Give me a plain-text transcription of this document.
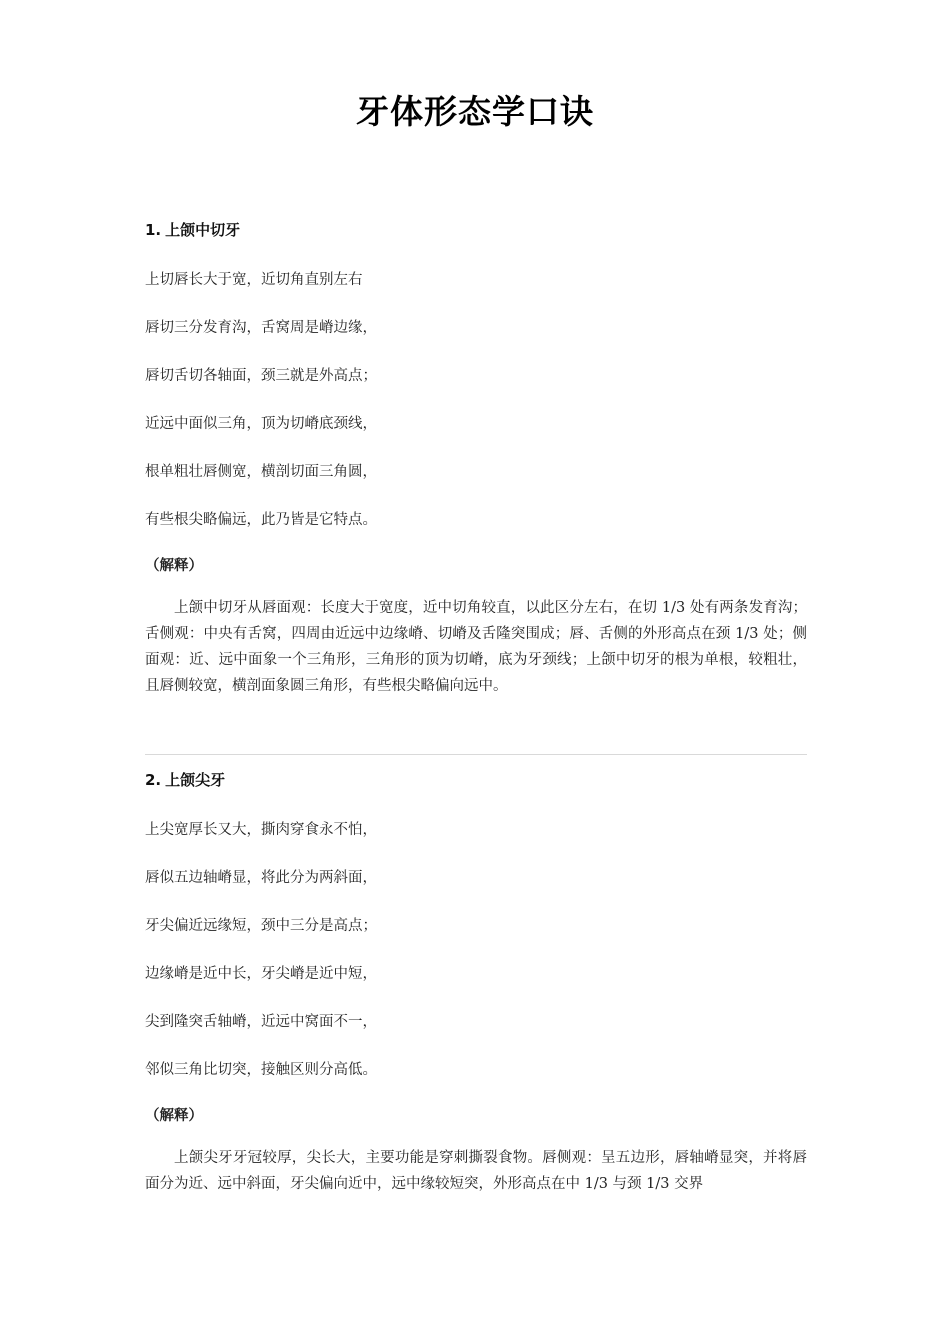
牙体形态学口诀
1. 上颌中切牙
上切唇长大于宽，近切角直别左右
唇切三分发育沟，舌窝周是嵴边缘，
唇切舌切各轴面，颈三就是外高点；
近远中面似三角，顶为切嵴底颈线，
根单粗壮唇侧宽，横剖切面三角圆，
有些根尖略偏远，此乃皆是它特点。
（解释）
上颌中切牙从唇面观：长度大于宽度，近中切角较直，以此区分左右，在切 1/3 处有两条发育沟；舌侧观：中央有舌窝，四周由近远中边缘嵴、切嵴及舌隆突围成；唇、舌侧的外形高点在颈 1/3 处；侧面观：近、远中面象一个三角形，三角形的顶为切嵴，底为牙颈线；上颌中切牙的根为单根，较粗壮，且唇侧较宽，横剖面象圆三角形，有些根尖略偏向远中。
2. 上颌尖牙
上尖宽厚长又大，撕肉穿食永不怕，
唇似五边轴嵴显，将此分为两斜面，
牙尖偏近远缘短，颈中三分是高点；
边缘嵴是近中长，牙尖嵴是近中短，
尖到隆突舌轴嵴，近远中窝面不一，
邻似三角比切突，接触区则分高低。
（解释）
上颌尖牙牙冠较厚，尖长大，主要功能是穿刺撕裂食物。唇侧观：呈五边形，唇轴嵴显突，并将唇面分为近、远中斜面，牙尖偏向近中，远中缘较短突，外形高点在中 1/3 与颈 1/3 交界
